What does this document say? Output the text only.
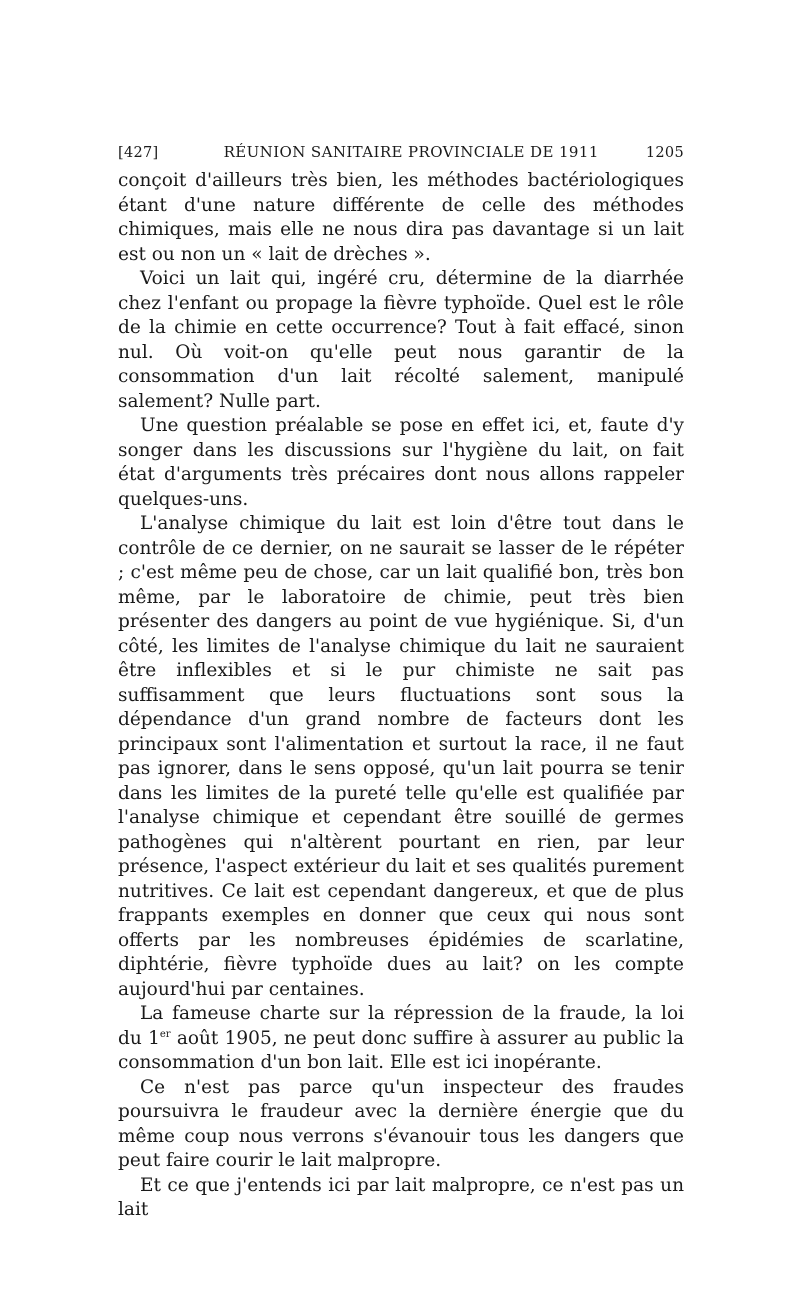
[427]	RÉUNION SANITAIRE PROVINCIALE DE 1911	1205

conçoit d'ailleurs très bien, les méthodes bactériologiques étant d'une nature différente de celle des méthodes chimiques, mais elle ne nous dira pas davantage si un lait est ou non un « lait de drèches ».

Voici un lait qui, ingéré cru, détermine de la diarrhée chez l'enfant ou propage la fièvre typhoïde. Quel est le rôle de la chimie en cette occurrence? Tout à fait effacé, sinon nul. Où voit-on qu'elle peut nous garantir de la consommation d'un lait récolté salement, manipulé salement? Nulle part.

Une question préalable se pose en effet ici, et, faute d'y songer dans les discussions sur l'hygiène du lait, on fait état d'arguments très précaires dont nous allons rappeler quelques-uns.

L'analyse chimique du lait est loin d'être tout dans le contrôle de ce dernier, on ne saurait se lasser de le répéter ; c'est même peu de chose, car un lait qualifié bon, très bon même, par le laboratoire de chimie, peut très bien présenter des dangers au point de vue hygiénique. Si, d'un côté, les limites de l'analyse chimique du lait ne sauraient être inflexibles et si le pur chimiste ne sait pas suffisamment que leurs fluctuations sont sous la dépendance d'un grand nombre de facteurs dont les principaux sont l'alimentation et surtout la race, il ne faut pas ignorer, dans le sens opposé, qu'un lait pourra se tenir dans les limites de la pureté telle qu'elle est qualifiée par l'analyse chimique et cependant être souillé de germes pathogènes qui n'altèrent pourtant en rien, par leur présence, l'aspect extérieur du lait et ses qualités purement nutritives. Ce lait est cependant dangereux, et que de plus frappants exemples en donner que ceux qui nous sont offerts par les nombreuses épidémies de scarlatine, diphtérie, fièvre typhoïde dues au lait? on les compte aujourd'hui par centaines.

La fameuse charte sur la répression de la fraude, la loi du 1er août 1905, ne peut donc suffire à assurer au public la consommation d'un bon lait. Elle est ici inopérante.

Ce n'est pas parce qu'un inspecteur des fraudes poursuivra le fraudeur avec la dernière énergie que du même coup nous verrons s'évanouir tous les dangers que peut faire courir le lait malpropre.

Et ce que j'entends ici par lait malpropre, ce n'est pas un lait
